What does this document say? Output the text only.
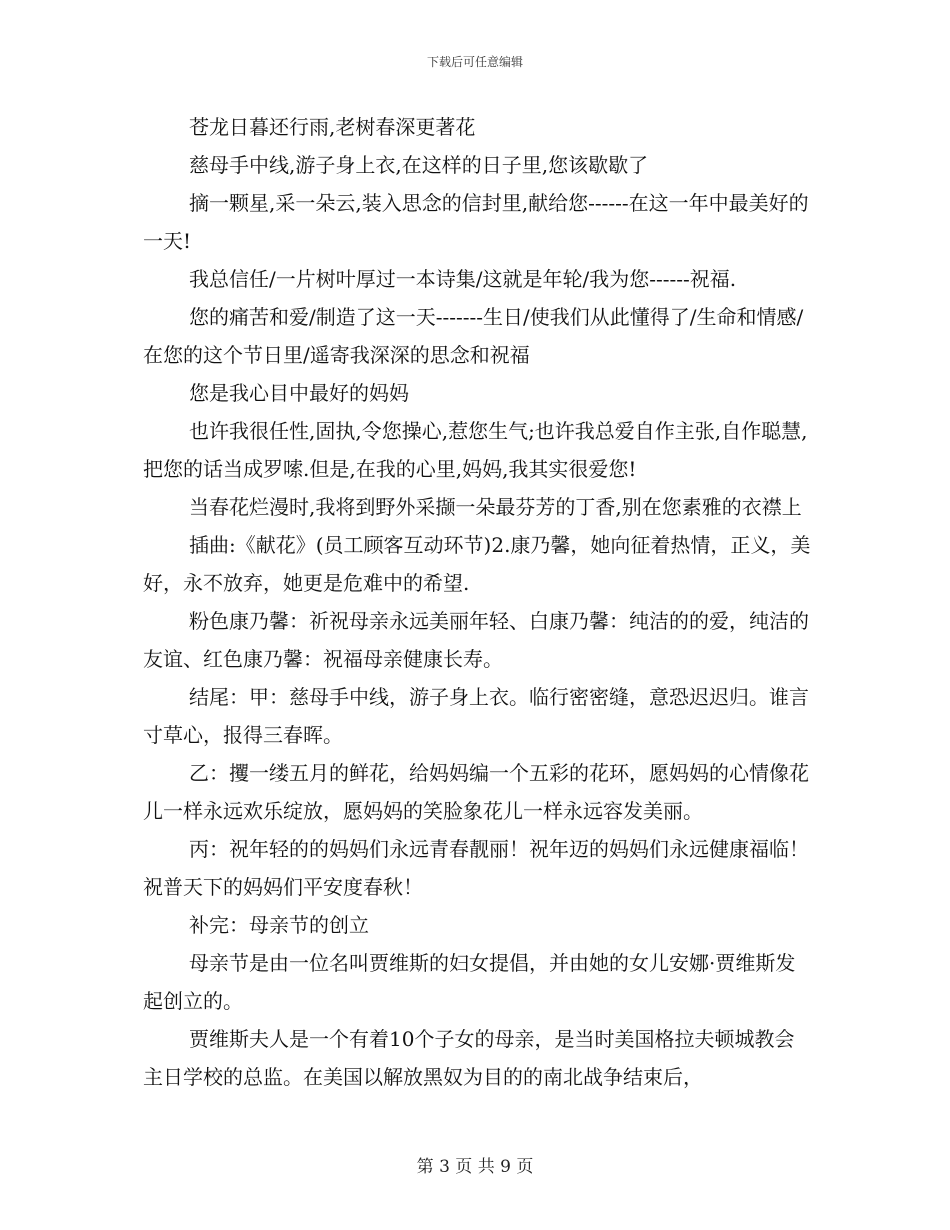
下载后可任意编辑

苍龙日暮还行雨,老树春深更著花

慈母手中线,游子身上衣,在这样的日子里,您该歇歇了

摘一颗星,采一朵云,装入思念的信封里,献给您------在这一年中最美好的一天!

我总信任/一片树叶厚过一本诗集/这就是年轮/我为您------祝福.

您的痛苦和爱/制造了这一天-------生日/使我们从此懂得了/生命和情感/在您的这个节日里/遥寄我深深的思念和祝福

您是我心目中最好的妈妈

也许我很任性,固执,令您操心,惹您生气;也许我总爱自作主张,自作聪慧,把您的话当成罗嗦.但是,在我的心里,妈妈,我其实很爱您!

当春花烂漫时,我将到野外采撷一朵最芬芳的丁香,别在您素雅的衣襟上

插曲:《献花》(员工顾客互动环节)2.康乃馨，她向征着热情，正义，美好，永不放弃，她更是危难中的希望.

粉色康乃馨：祈祝母亲永远美丽年轻、白康乃馨：纯洁的的爱，纯洁的友谊、红色康乃馨：祝福母亲健康长寿。

结尾：甲：慈母手中线，游子身上衣。临行密密缝，意恐迟迟归。谁言寸草心，报得三春晖。

乙：攫一缕五月的鲜花，给妈妈编一个五彩的花环，愿妈妈的心情像花儿一样永远欢乐绽放，愿妈妈的笑脸象花儿一样永远容发美丽。

丙：祝年轻的的妈妈们永远青春靓丽！祝年迈的妈妈们永远健康福临！祝普天下的妈妈们平安度春秋！

补完：母亲节的创立

母亲节是由一位名叫贾维斯的妇女提倡，并由她的女儿安娜·贾维斯发起创立的。

贾维斯夫人是一个有着10个子女的母亲，是当时美国格拉夫顿城教会主日学校的总监。在美国以解放黑奴为目的的南北战争结束后，

第 3 页 共 9 页
